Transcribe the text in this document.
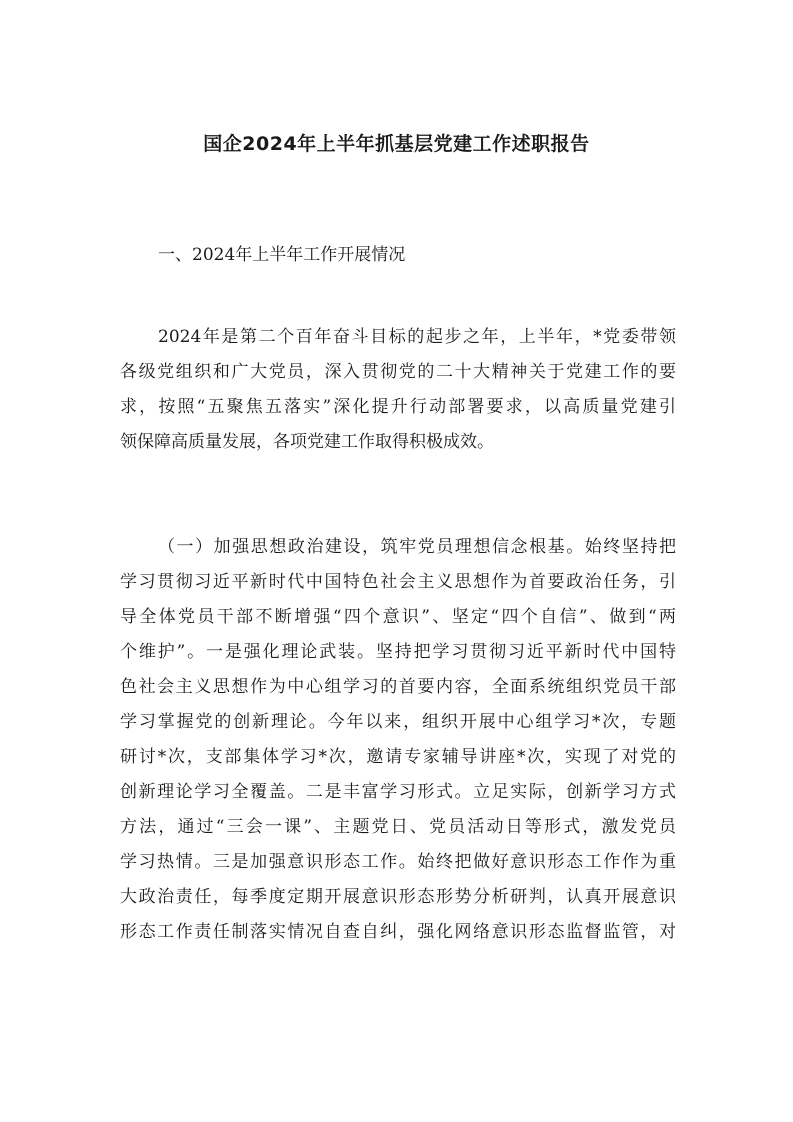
国企2024年上半年抓基层党建工作述职报告
一、2024年上半年工作开展情况
2024年是第二个百年奋斗目标的起步之年，上半年，*党委带领
各级党组织和广大党员，深入贯彻党的二十大精神关于党建工作的要
求，按照“五聚焦五落实”深化提升行动部署要求，以高质量党建引
领保障高质量发展，各项党建工作取得积极成效。
（一）加强思想政治建设，筑牢党员理想信念根基。始终坚持把
学习贯彻习近平新时代中国特色社会主义思想作为首要政治任务，引
导全体党员干部不断增强“四个意识”、坚定“四个自信”、做到“两
个维护”。一是强化理论武装。坚持把学习贯彻习近平新时代中国特
色社会主义思想作为中心组学习的首要内容，全面系统组织党员干部
学习掌握党的创新理论。今年以来，组织开展中心组学习*次，专题
研讨*次，支部集体学习*次，邀请专家辅导讲座*次，实现了对党的
创新理论学习全覆盖。二是丰富学习形式。立足实际，创新学习方式
方法，通过“三会一课”、主题党日、党员活动日等形式，激发党员
学习热情。三是加强意识形态工作。始终把做好意识形态工作作为重
大政治责任，每季度定期开展意识形态形势分析研判，认真开展意识
形态工作责任制落实情况自查自纠，强化网络意识形态监督监管，对
